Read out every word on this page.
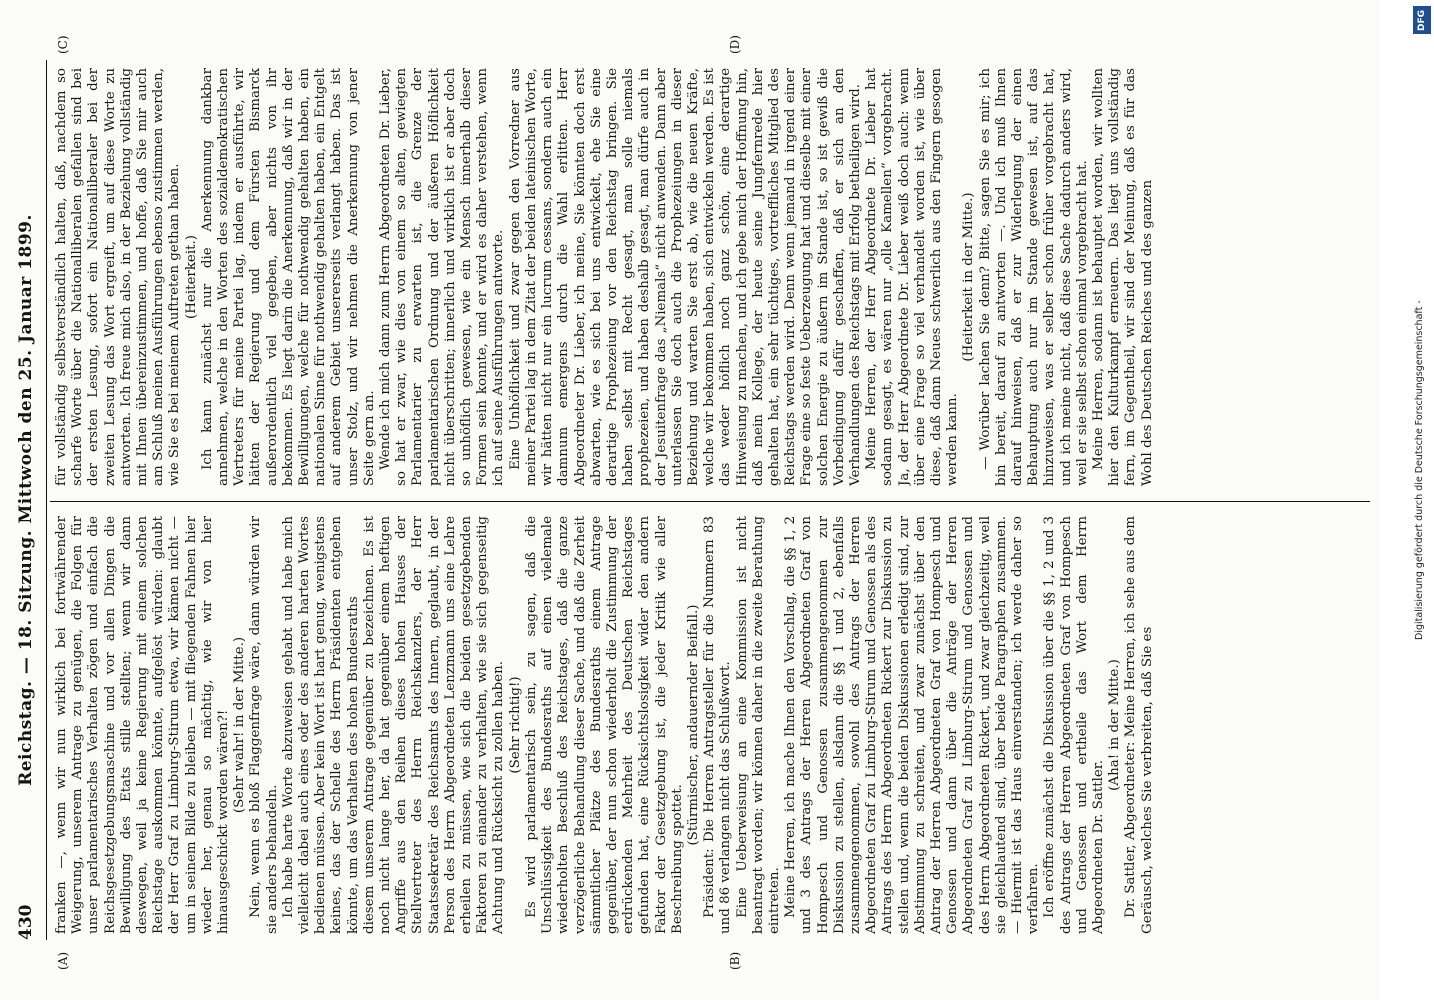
430
Reichstag. — 18. Sitzung. Mittwoch den 25. Januar 1899.
(A)	(B)
(C)	(D)

franken —, wenn wir nun wirklich bei fortwährender Weigerung, unserem Antrage zu genügen, die Folgen für unser parlamentarisches Verhalten zögen und einfach die Reichsgesetzgebungsmaschine und vor allen Dingen die Bewilligung des Etats stille stellten; wenn wir dann deswegen, weil ja keine Regierung mit einem solchen Reichstage auskommen könnte, aufgelöst würden: glaubt der Herr Graf zu Limburg-Stirum etwa, wir kämen nicht — um in seinem Bilde zu bleiben — mit fliegenden Fahnen hier wieder her, genau so mächtig, wie wir von hier hinausgeschickt worden wären?! (Sehr wahr! in der Mitte.) Nein, wenn es bloß Flaggenfrage wäre, dann würden wir sie anders behandeln. Ich habe harte Worte abzuweisen gehabt und habe mich vielleicht dabei auch eines oder des anderen harten Wortes bedienen müssen. Aber kein Wort ist hart genug, wenigstens keines, das der Schelle des Herrn Präsidenten entgehen könnte, um das Verhalten des hohen Bundesraths diesem unserem Antrage gegenüber zu bezeichnen. Es ist noch nicht lange her, da hat gegenüber einem heftigen Angriffe aus den Reihen dieses hohen Hauses der Stellvertreter des Herrn Reichskanzlers, der Herr Staatssekretär des Reichsamts des Innern, geglaubt, in der Person des Herrn Abgeordneten Lenzmann uns eine Lehre erheilen zu müssen, wie sich die beiden gesetzgebenden Faktoren zu einander zu verhalten, wie sie sich gegenseitig Achtung und Rücksicht zu zollen haben. (Sehr richtig!) Es wird parlamentarisch sein, zu sagen, daß die Unschlüssigkeit des Bundesraths auf einen vielemale wiederholten Beschluß des Reichstages, daß die ganze verzögerliche Behandlung dieser Sache, und daß die Zerheit sämmtlicher Plätze des Bundesraths einem Antrage gegenüber, der nun schon wiederholt die Zustimmung der erdrückenden Mehrheit des Deutschen Reichstages gefunden hat, eine Rücksichtslosigkeit wider den andern Faktor der Gesetzgebung ist, die jeder Kritik wie aller Beschreibung spottet.

(Stürmischer, andauernder Beifall.) Präsident: Die Herren Antragsteller für die Nummern 83 und 86 verlangen nicht das Schlußwort. Eine Ueberweisung an eine Kommission ist nicht beantragt worden; wir können daher in die zweite Berathung eintreten. Meine Herren, ich mache Ihnen den Vorschlag, die §§ 1, 2 und 3 des Antrags der Herren Abgeordneten Graf von Hompesch und Genossen zusammengenommen zur Diskussion zu stellen, alsdann die §§ 1 und 2, ebenfalls zusammengenommen, sowohl des Antrags der Herren Abgeordneten Graf zu Limburg-Stirum und Genossen als des Antrags des Herrn Abgeordneten Rickert zur Diskussion zu stellen und, wenn die beiden Diskussionen erledigt sind, zur Abstimmung zu schreiten, und zwar zunächst über den Antrag der Herren Abgeordneten Graf von Hompesch und Genossen und dann über die Anträge der Herren Abgeordneten Graf zu Limburg-Stirum und Genossen und des Herrn Abgeordneten Rickert, und zwar gleichzeitig, weil sie gleichlautend sind, über beide Paragraphen zusammen. — Hiermit ist das Haus einverstanden; ich werde daher so verfahren. Ich eröffne zunächst die Diskussion über die §§ 1, 2 und 3 des Antrags der Herren Abgeordneten Graf von Hompesch und Genossen und ertheile das Wort dem Herrn Abgeordneten Dr. Sattler.

(Aha! in der Mitte.) Dr. Sattler, Abgeordneter: Meine Herren, ich sehe aus dem Geräusch, welches Sie verbreiten, daß Sie es

für vollständig selbstverständlich halten, daß, nachdem so scharfe Worte über die Nationalliberalen gefallen sind bei der ersten Lesung, sofort ein Nationalliberaler bei der zweiten Lesung das Wort ergreift, um auf diese Worte zu antworten. Ich freue mich also, in der Beziehung vollständig mit Ihnen übereinzustimmen, und hoffe, daß Sie mir auch am Schluß meinen Ausführungen ebenso zustimmen werden, wie Sie es bei meinem Auftreten gethan haben. (Heiterkeit.) Ich kann zunächst nur die Anerkennung dankbar annehmen, welche in den Worten des sozialdemokratischen Vertreters für meine Partei lag, indem er ausführte, wir hätten der Regierung und dem Fürsten Bismarck außerordentlich viel gegeben, aber nichts von ihr bekommen. Es liegt darin die Anerkennung, daß wir in der Bewilligungen, welche für nothwendig gehalten haben, ein nationalen Sinne für nothwendig gehalten haben, ein Entgelt auf anderem Gebiet unsererseits verlangt haben. Das ist unser Stolz, und wir nehmen die Anerkennung von jener Seite gern an. Wende ich mich dann zum Herrn Abgeordneten Dr. Lieber, so hat er zwar, wie dies von einem so alten, gewiegten Parlamentarier zu erwarten ist, die Grenze der parlamentarischen Ordnung und der äußeren Höflichkeit nicht überschritten; innerlich und wirklich ist er aber doch so unhöflich gewesen, wie ein Mensch innerhalb dieser Formen sein konnte, und er wird es daher verstehen, wenn ich auf seine Ausführungen antworte. Eine Unhöflichkeit und zwar gegen den Vorredner aus meiner Partei lag in dem Zitat der beiden lateinischen Worte, wir hätten nicht nur ein lucrum cessans, sondern auch ein damnum emergens durch die Wahl erlitten. Herr Abgeordneter Dr. Lieber, ich meine, Sie könnten doch erst abwarten, wie es sich bei uns entwickelt, ehe Sie eine derartige Prophezeiung vor den Reichstag bringen. Sie haben selbst mit Recht gesagt, man solle niemals prophezeien, und haben deshalb gesagt, man dürfe auch in der Jesuitenfrage das „Niemals“ nicht anwenden. Dann aber unterlassen Sie doch auch die Prophezeiungen in dieser Beziehung und warten Sie erst ab, wie die neuen Kräfte, welche wir bekommen haben, sich entwickeln werden. Es ist das weder höflich noch ganz schön, eine derartige Hinweisung zu machen, und ich gebe mich der Hoffnung hin, daß mein Kollege, der heute seine Jungfernrede hier gehalten hat, ein sehr tüchtiges, vortreffliches Mitglied des Reichstags werden wird. Denn wenn jemand in irgend einer Frage eine so feste Ueberzeugung hat und dieselbe mit einer solchen Energie zu äußern im Stande ist, so ist gewiß die Vorbedingung dafür geschaffen, daß er sich an den Verhandlungen des Reichstags mit Erfolg betheiligen wird. Meine Herren, der Herr Abgeordnete Dr. Lieber hat sodann gesagt, es wären nur „olle Kamellen“ vorgebracht. Ja, der Herr Abgeordnete Dr. Lieber weiß doch auch: wenn über eine Frage so viel verhandelt worden ist, wie über diese, daß dann Neues schwerlich aus den Fingern gesogen werden kann.

(Heiterkeit in der Mitte.) — Worüber lachen Sie denn? Bitte, sagen Sie es mir; ich bin bereit, darauf zu antworten —. Und ich muß Ihnen darauf hinweisen, daß er zur Widerlegung der einen Behauptung auch nur im Stande gewesen ist, auf das hinzuweisen, was er selber schon früher vorgebracht hat, und ich meine nicht, daß diese Sache dadurch anders wird, weil er sie selbst schon einmal vorgebracht hat. Meine Herren, sodann ist behauptet worden, wir wollten hier den Kulturkampf erneuern. Das liegt uns vollständig fern, im Gegentheil, wir sind der Meinung, daß es für das Wohl des Deutschen Reiches und des ganzen

DFG
Digitalisierung gefördert durch die Deutsche Forschungsgemeinschaft -
